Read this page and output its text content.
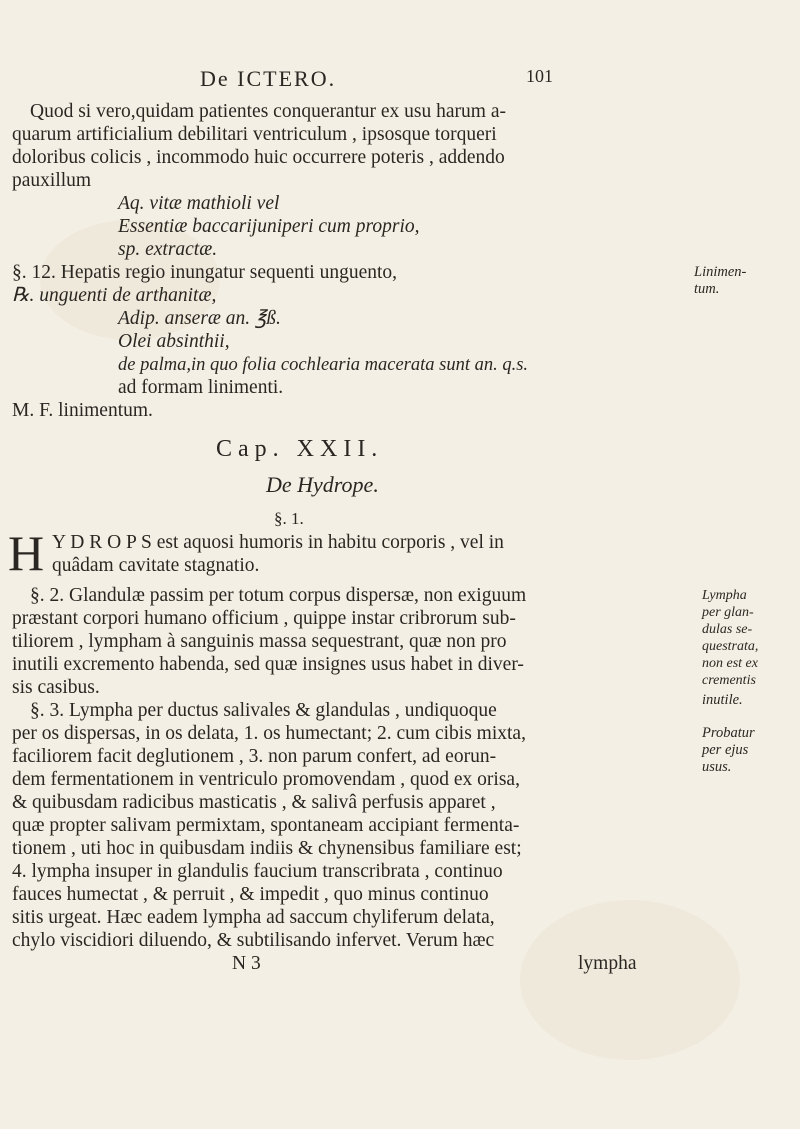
De ICTERO.	101
Quod si vero,quidam patientes conquerantur ex usu harum a-
quarum artificialium debilitari ventriculum , ipsosque torqueri
doloribus colicis , incommodo huic occurrere poteris , addendo
pauxillum
Aq. vitæ mathioli vel
Essentiæ baccarijuniperi cum proprio,
sp. extractæ.
§. 12. Hepatis regio inungatur sequenti unguento,	Linimen-
tum.
℞. unguenti de arthanitæ,
Adip. anseræ an. ℥ß.
Olei absinthii,
de palma,in quo folia cochlearia macerata sunt an. q.s.
ad formam linimenti.
M. F. linimentum.
Cap. XXII.
De Hydrope.
§. 1.
H Y D R O P S est aquosi humoris in habitu corporis , vel in
quâdam cavitate stagnatio.
§. 2. Glandulæ passim per totum corpus dispersæ, non exiguum
præstant corpori humano officium , quippe instar cribrorum sub-
tiliorem , lympham à sanguinis massa sequestrant, quæ non pro
inutili excremento habenda, sed quæ insignes usus habet in diver-
sis casibus.
§. 3. Lympha per ductus salivales & glandulas , undiquoque
per os dispersas, in os delata, 1. os humectant; 2. cum cibis mixta,
faciliorem facit deglutionem , 3. non parum confert, ad eorun-
dem fermentationem in ventriculo promovendam , quod ex orisa,
& quibusdam radicibus masticatis , & salivâ perfusis apparet ,
quæ propter salivam permixtam, spontaneam accipiant fermenta-
tionem , uti hoc in quibusdam indiis & chynensibus familiare est;
4. lympha insuper in glandulis faucium transcribrata , continuo
fauces humectat , & perruit , & impedit , quo minus continuo
sitis urgeat. Hæc eadem lympha ad saccum chyliferum delata,
chylo viscidiori diluendo, & subtilisando infervet. Verum hæc
Lympha
per glan-
dulas se-
questrata,
non est ex
crementis
inutile.
Probatur
per ejus
usus.
N 3	lympha
